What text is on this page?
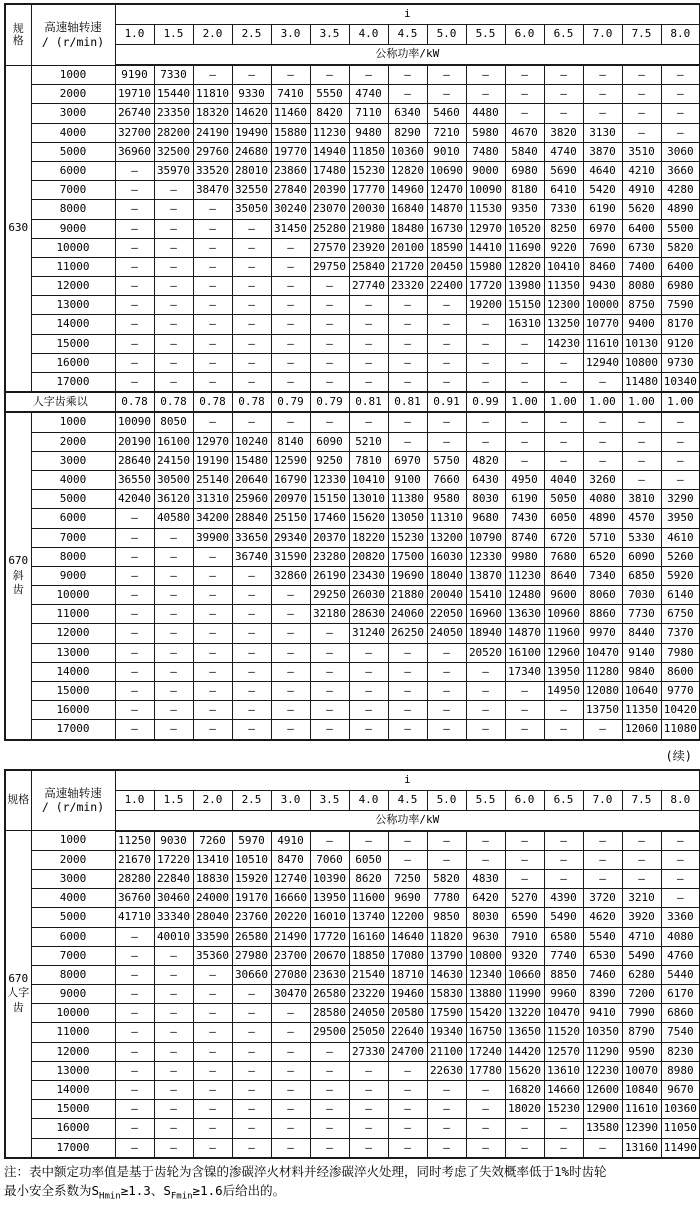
规
格

高速轴转速
/ (r/min)
	i
		1.0	1.5	2.0	2.5	3.0	3.5	4.0	4.5	5.0	5.5	6.0	6.5	7.0	7.5	8.0
		公称功率/kW														

630	1000	9190	7330	—	—	—	—	—	—	—	—	—	—	—	—	—
	2000	19710	15440	11810	9330	7410	5550	4740	—	—	—	—	—	—	—	—
	3000	26740	23350	18320	14620	11460	8420	7110	6340	5460	4480	—	—	—	—	—
	4000	32700	28200	24190	19490	15880	11230	9480	8290	7210	5980	4670	3820	3130	—	—
	5000	36960	32500	29760	24680	19770	14940	11850	10360	9010	7480	5840	4740	3870	3510	3060
	6000	—	35970	33520	28010	23860	17480	15230	12820	10690	9000	6980	5690	4640	4210	3660
	7000	—	—	38470	32550	27840	20390	17770	14960	12470	10090	8180	6410	5420	4910	4280
	8000	—	—	—	35050	30240	23070	20030	16840	14870	11530	9350	7330	6190	5620	4890
	9000	—	—	—	—	31450	25280	21980	18480	16730	12970	10520	8250	6970	6400	5500
	10000	—	—	—	—	—	27570	23920	20100	18590	14410	11690	9220	7690	6730	5820
	11000	—	—	—	—	—	29750	25840	21720	20450	15980	12820	10410	8460	7400	6400
	12000	—	—	—	—	—	—	27740	23320	22400	17720	13980	11350	9430	8080	6980
	13000	—	—	—	—	—	—	—	—	—	19200	15150	12300	10000	8750	7590
	14000	—	—	—	—	—	—	—	—	—	—	16310	13250	10770	9400	8170
	15000	—	—	—	—	—	—	—	—	—	—	—	14230	11610	10130	9120
	16000	—	—	—	—	—	—	—	—	—	—	—	—	12940	10800	9730
	17000	—	—	—	—	—	—	—	—	—	—	—	—	—	11480	10340
人字齿乘以		0.78	0.78	0.78	0.78	0.79	0.79	0.81	0.81	0.91	0.99	1.00	1.00	1.00	1.00	1.00

670
斜
齿	1000	10090	8050	—	—	—	—	—	—	—	—	—	—	—	—	—
	2000	20190	16100	12970	10240	8140	6090	5210	—	—	—	—	—	—	—	—
	3000	28640	24150	19190	15480	12590	9250	7810	6970	5750	4820	—	—	—	—	—
	4000	36550	30500	25140	20640	16790	12330	10410	9100	7660	6430	4950	4040	3260	—	—
	5000	42040	36120	31310	25960	20970	15150	13010	11380	9580	8030	6190	5050	4080	3810	3290
	6000	—	40580	34200	28840	25150	17460	15620	13050	11310	9680	7430	6050	4890	4570	3950
	7000	—	—	39900	33650	29340	20370	18220	15230	13200	10790	8740	6720	5710	5330	4610
	8000	—	—	—	36740	31590	23280	20820	17500	16030	12330	9980	7680	6520	6090	5260
	9000	—	—	—	—	32860	26190	23430	19690	18040	13870	11230	8640	7340	6850	5920
	10000	—	—	—	—	—	29250	26030	21880	20040	15410	12480	9600	8060	7030	6140
	11000	—	—	—	—	—	32180	28630	24060	22050	16960	13630	10960	8860	7730	6750
	12000	—	—	—	—	—	—	31240	26250	24050	18940	14870	11960	9970	8440	7370
	13000	—	—	—	—	—	—	—	—	—	20520	16100	12960	10470	9140	7980
	14000	—	—	—	—	—	—	—	—	—	—	17340	13950	11280	9840	8600
	15000	—	—	—	—	—	—	—	—	—	—	—	14950	12080	10640	9770
	16000	—	—	—	—	—	—	—	—	—	—	—	—	13750	11350	10420
	17000	—	—	—	—	—	—	—	—	—	—	—	—	—	12060	11080
(续)
规格	高速轴转速
/ (r/min)	i														
		1.0	1.5	2.0	2.5	3.0	3.5	4.0	4.5	5.0	5.5	6.0	6.5	7.0	7.5	8.0
		公称功率/kW														

670
人字
齿	1000	11250	9030	7260	5970	4910	—	—	—	—	—	—	—	—	—	—
	2000	21670	17220	13410	10510	8470	7060	6050	—	—	—	—	—	—	—	—
	3000	28280	22840	18830	15920	12740	10390	8620	7250	5820	4830	—	—	—	—	—
	4000	36760	30460	24000	19170	16660	13950	11600	9690	7780	6420	5270	4390	3720	3210	—
	5000	41710	33340	28040	23760	20220	16010	13740	12200	9850	8030	6590	5490	4620	3920	3360
	6000	—	40010	33590	26580	21490	17720	16160	14640	11820	9630	7910	6580	5540	4710	4080
	7000	—	—	35360	27980	23700	20670	18850	17080	13790	10800	9320	7740	6530	5490	4760
	8000	—	—	—	30660	27080	23630	21540	18710	14630	12340	10660	8850	7460	6280	5440
	9000	—	—	—	—	30470	26580	23220	19460	15830	13880	11990	9960	8390	7200	6170
	10000	—	—	—	—	—	28580	24050	20580	17590	15420	13220	10470	9410	7990	6860
	11000	—	—	—	—	—	29500	25050	22640	19340	16750	13650	11520	10350	8790	7540
	12000	—	—	—	—	—	—	27330	24700	21100	17240	14420	12570	11290	9590	8230
	13000	—	—	—	—	—	—	—	—	22630	17780	15620	13610	12230	10070	8980
	14000	—	—	—	—	—	—	—	—	—	—	16820	14660	12600	10840	9670
	15000	—	—	—	—	—	—	—	—	—	—	18020	15230	12900	11610	10360
	16000	—	—	—	—	—	—	—	—	—	—	—	—	13580	12390	11050
	17000	—	—	—	—	—	—	—	—	—	—	—	—	—	13160	11490

注：表中额定功率值是基于齿轮为含镍的渗碳淬火材料并经渗碳淬火处理，同时考虑了失效概率低于1%时齿轮
最小安全系数为$S_{Hmin}\ge 1.3$、$S_{Fmin}\ge 1.6$后给出的。
